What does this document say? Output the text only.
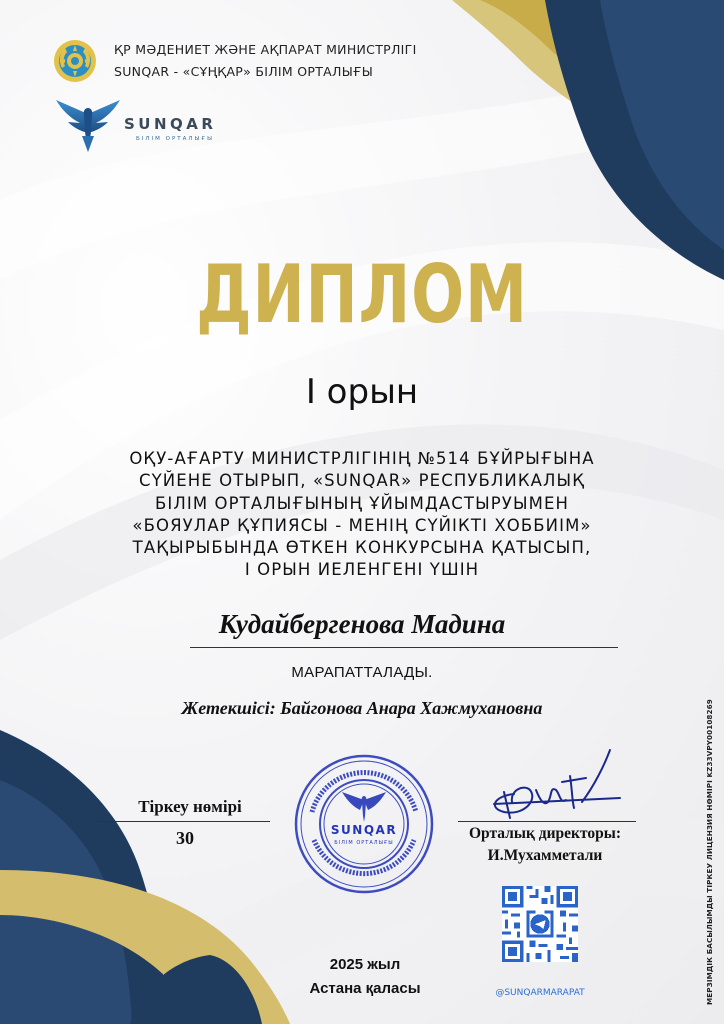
ҚР МӘДЕНИЕТ ЖӘНЕ АҚПАРАТ МИНИСТРЛІГІ
SUNQAR - «СҰҢҚАР» БІЛІМ ОРТАЛЫҒЫ
SUNQAR
БІЛІМ ОРТАЛЫҒЫ
ДИПЛОМ
I орын
ОҚУ-АҒАРТУ МИНИСТРЛІГІНІҢ №514 БҰЙРЫҒЫНА
СҮЙЕНЕ ОТЫРЫП, «SUNQAR» РЕСПУБЛИКАЛЫҚ
БІЛІМ ОРТАЛЫҒЫНЫҢ ҰЙЫМДАСТЫРУЫМЕН
«БОЯУЛАР ҚҰПИЯСЫ - МЕНІҢ СҮЙІКТІ ХОББИІМ»
ТАҚЫРЫБЫНДА ӨТКЕН КОНКУРСЫНА ҚАТЫСЫП,
I ОРЫН ИЕЛЕНГЕНІ ҮШІН
Кудайбергенова Мадина
МАРАПАТТАЛАДЫ.
Жетекшісі: Байгонова Анара Хажмухановна
Тіркеу нөмірі
30	SUNQAR
БІЛІМ ОРТАЛЫҒЫ
Орталық директоры:
И.Мухамметали
@SUNQARMARAPAT
2025 жыл
Астана қаласы	МЕРЗІМДІК БАСЫЛЫМДЫ ТІРКЕУ ЛИЦЕНЗИЯ НӨМІРІ KZ33VPY00108269
